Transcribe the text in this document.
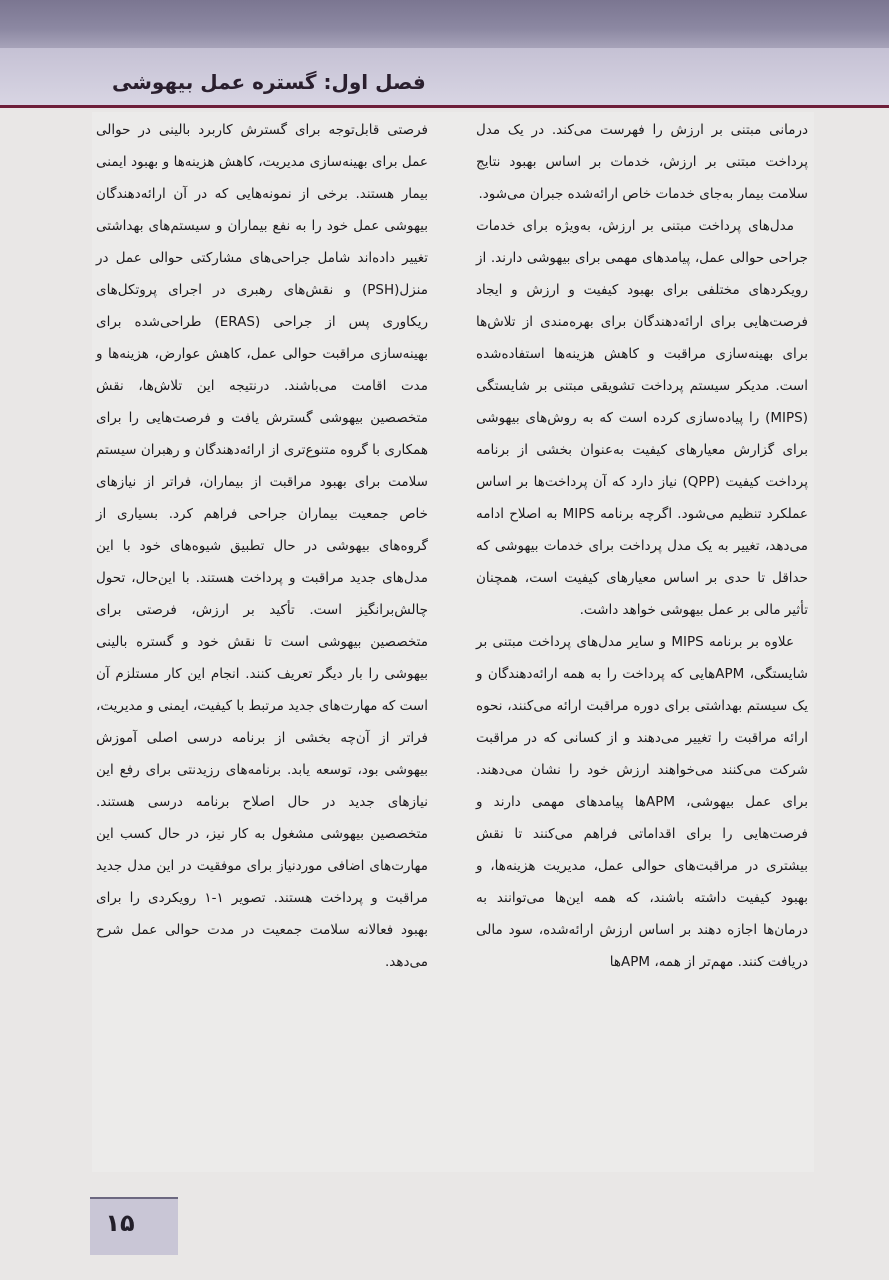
فصل اول: گستره عمل بیهوشی

درمانی مبتنی بر ارزش را فهرست می‌کند. در یک مدل پرداخت مبتنی بر ارزش، خدمات بر اساس بهبود نتایج سلامت بیمار به‌جای خدمات خاص ارائه‌شده جبران می‌شود.

مدل‌های پرداخت مبتنی بر ارزش، به‌ویژه برای خدمات جراحی حوالی عمل، پیامدهای مهمی برای بیهوشی دارند. از رویکردهای مختلفی برای بهبود کیفیت و ارزش و ایجاد فرصت‌هایی برای ارائه‌دهندگان برای بهره‌مندی از تلاش‌ها برای بهینه‌سازی مراقبت و کاهش هزینه‌ها استفاده‌شده است. مدیکر سیستم پرداخت تشویقی مبتنی بر شایستگی (MIPS) را پیاده‌سازی کرده است که به روش‌های بیهوشی برای گزارش معیارهای کیفیت به‌عنوان بخشی از برنامه پرداخت کیفیت (QPP) نیاز دارد که آن پرداخت‌ها بر اساس عملکرد تنظیم می‌شود. اگرچه برنامه MIPS به اصلاح ادامه می‌دهد، تغییر به یک مدل پرداخت برای خدمات بیهوشی که حداقل تا حدی بر اساس معیارهای کیفیت است، همچنان تأثیر مالی بر عمل بیهوشی خواهد داشت.

علاوه بر برنامه MIPS و سایر مدل‌های پرداخت مبتنی بر شایستگی، APMهایی که پرداخت را به همه ارائه‌دهندگان و یک سیستم بهداشتی برای دوره مراقبت ارائه می‌کنند، نحوه ارائه مراقبت را تغییر می‌دهند و از کسانی که در مراقبت شرکت می‌کنند می‌خواهند ارزش خود را نشان می‌دهند. برای عمل بیهوشی، APMها پیامدهای مهمی دارند و فرصت‌هایی را برای اقداماتی فراهم می‌کنند تا نقش بیشتری در مراقبت‌های حوالی عمل، مدیریت هزینه‌ها، و بهبود کیفیت داشته باشند، که همه این‌ها می‌توانند به درمان‌ها اجازه دهند بر اساس ارزش ارائه‌شده، سود مالی دریافت کنند. مهم‌تر از همه، APMها

فرصتی قابل‌توجه برای گسترش کاربرد بالینی در حوالی عمل برای بهینه‌سازی مدیریت، کاهش هزینه‌ها و بهبود ایمنی بیمار هستند. برخی از نمونه‌هایی که در آن ارائه‌دهندگان بیهوشی عمل خود را به نفع بیماران و سیستم‌های بهداشتی تغییر داده‌اند شامل جراحی‌های مشارکتی حوالی عمل در منزل(PSH) و نقش‌های رهبری در اجرای پروتکل‌های ریکاوری پس از جراحی (ERAS) طراحی‌شده برای بهینه‌سازی مراقبت حوالی عمل، کاهش عوارض، هزینه‌ها و مدت اقامت می‌باشند. درنتیجه این تلاش‌ها، نقش متخصصین بیهوشی گسترش یافت و فرصت‌هایی را برای همکاری با گروه متنوع‌تری از ارائه‌دهندگان و رهبران سیستم سلامت برای بهبود مراقبت از بیماران، فراتر از نیازهای خاص جمعیت بیماران جراحی فراهم کرد. بسیاری از گروه‌های بیهوشی در حال تطبیق شیوه‌های خود با این مدل‌های جدید مراقبت و پرداخت هستند. با این‌حال، تحول چالش‌برانگیز است. تأکید بر ارزش، فرصتی برای متخصصین بیهوشی است تا نقش خود و گستره بالینی بیهوشی را بار دیگر تعریف کنند. انجام این کار مستلزم آن است که مهارت‌های جدید مرتبط با کیفیت، ایمنی و مدیریت، فراتر از آن‌چه بخشی از برنامه درسی اصلی آموزش بیهوشی بود، توسعه یابد. برنامه‌های رزیدنتی برای رفع این نیازهای جدید در حال اصلاح برنامه درسی هستند. متخصصین بیهوشی مشغول به کار نیز، در حال کسب این مهارت‌های اضافی موردنیاز برای موفقیت در این مدل جدید مراقبت و پرداخت هستند. تصویر ۱-۱ رویکردی را برای بهبود فعالانه سلامت جمعیت در مدت حوالی عمل شرح می‌دهد.

۱۵
